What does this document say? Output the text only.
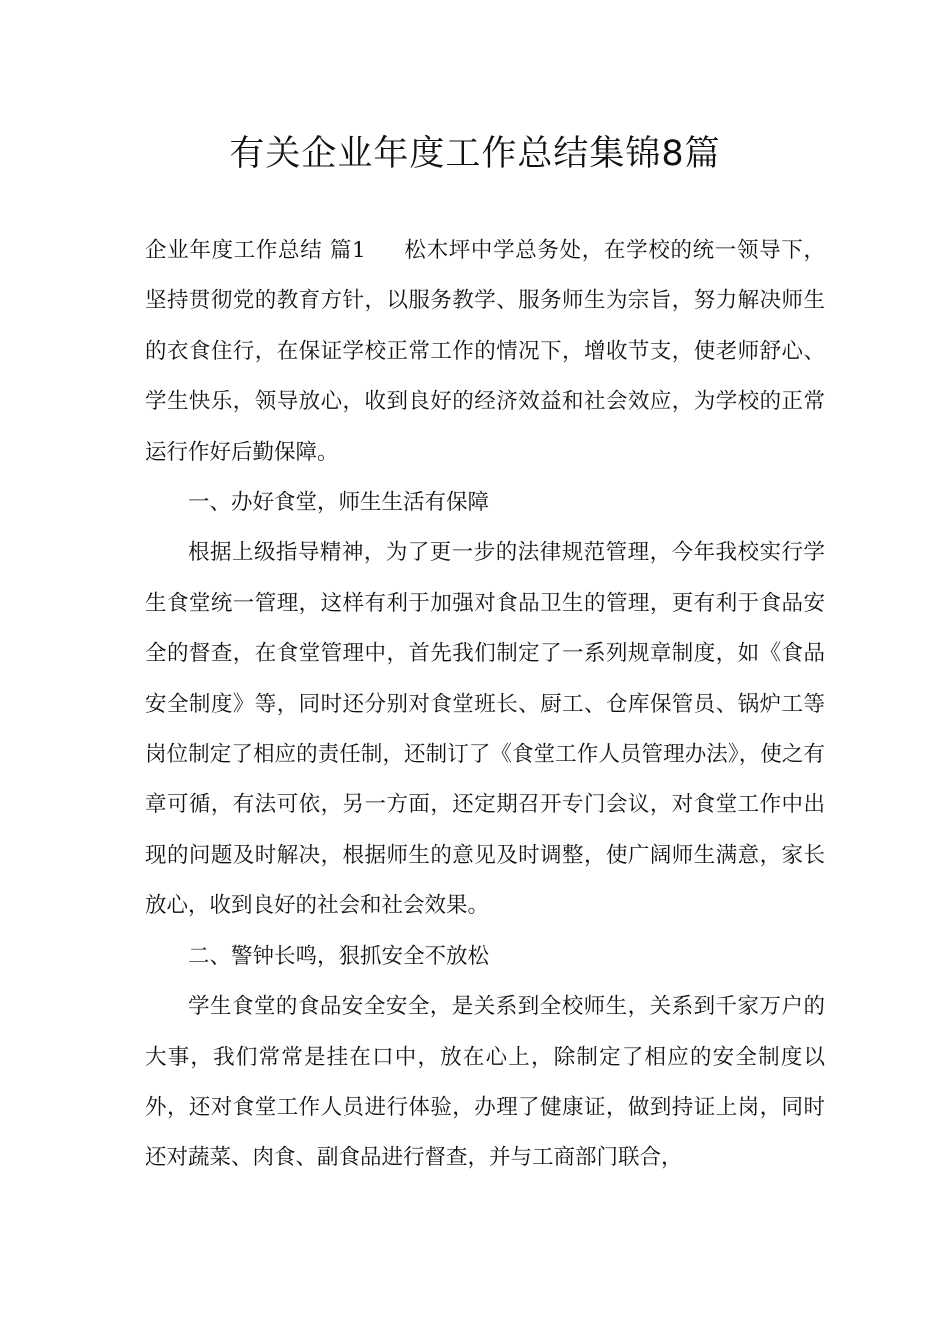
有关企业年度工作总结集锦8篇

企业年度工作总结 篇1 松木坪中学总务处，在学校的统一领导下，坚持贯彻党的教育方针，以服务教学、服务师生为宗旨，努力解决师生的衣食住行，在保证学校正常工作的情况下，增收节支，使老师舒心、学生快乐，领导放心，收到良好的经济效益和社会效应，为学校的正常运行作好后勤保障。

一、办好食堂，师生生活有保障

根据上级指导精神，为了更一步的法律规范管理，今年我校实行学生食堂统一管理，这样有利于加强对食品卫生的管理，更有利于食品安全的督查，在食堂管理中，首先我们制定了一系列规章制度，如《食品安全制度》等，同时还分别对食堂班长、厨工、仓库保管员、锅炉工等岗位制定了相应的责任制，还制订了《食堂工作人员管理办法》，使之有章可循，有法可依，另一方面，还定期召开专门会议，对食堂工作中出现的问题及时解决，根据师生的意见及时调整，使广阔师生满意，家长放心，收到良好的社会和社会效果。

二、警钟长鸣，狠抓安全不放松

学生食堂的食品安全安全，是关系到全校师生，关系到千家万户的大事，我们常常是挂在口中，放在心上，除制定了相应的安全制度以外，还对食堂工作人员进行体验，办理了健康证，做到持证上岗，同时还对蔬菜、肉食、副食品进行督查，并与工商部门联合，
